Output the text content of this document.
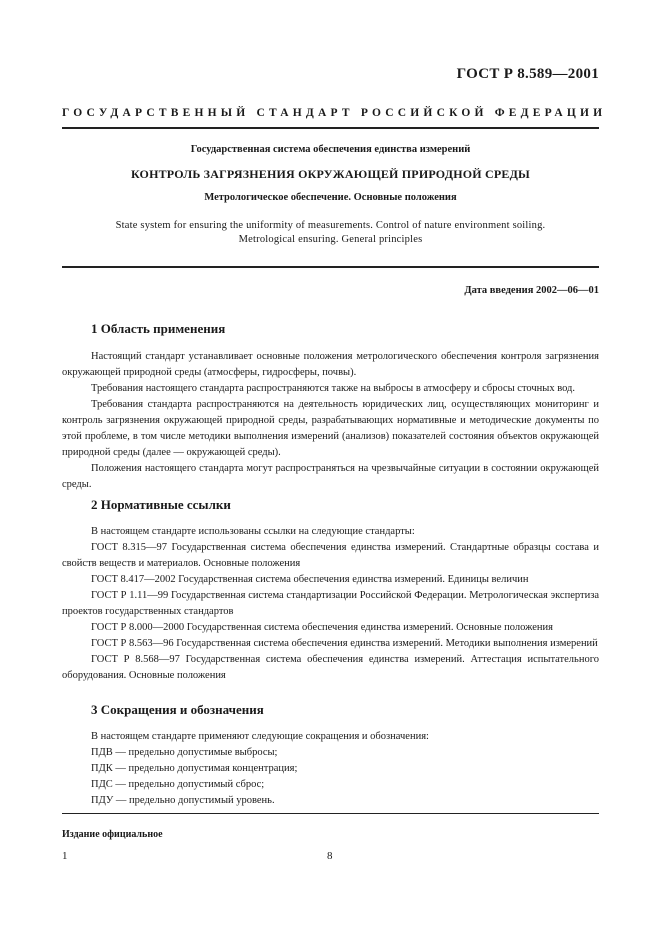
ГОСТ Р 8.589—2001
ГОСУДАРСТВЕННЫЙ СТАНДАРТ РОССИЙСКОЙ ФЕДЕРАЦИИ
Государственная система обеспечения единства измерений
КОНТРОЛЬ ЗАГРЯЗНЕНИЯ ОКРУЖАЮЩЕЙ ПРИРОДНОЙ СРЕДЫ
Метрологическое обеспечение. Основные положения
State system for ensuring the uniformity of measurements. Control of nature environment soiling.
Metrological ensuring. General principles
Дата введения 2002—06—01
1 Область применения

Настоящий стандарт устанавливает основные положения метрологического обеспечения контроля загрязнения окружающей природной среды (атмосферы, гидросферы, почвы).

Требования настоящего стандарта распространяются также на выбросы в атмосферу и сбросы сточных вод.

Требования стандарта распространяются на деятельность юридических лиц, осуществляющих мониторинг и контроль загрязнения окружающей природной среды, разрабатывающих нормативные и методические документы по этой проблеме, в том числе методики выполнения измерений (анализов) показателей состояния объектов окружающей природной среды (далее — окружающей среды).

Положения настоящего стандарта могут распространяться на чрезвычайные ситуации в состоянии окружающей среды.

2 Нормативные ссылки

В настоящем стандарте использованы ссылки на следующие стандарты:

ГОСТ 8.315—97 Государственная система обеспечения единства измерений. Стандартные образцы состава и свойств веществ и материалов. Основные положения

ГОСТ 8.417—2002 Государственная система обеспечения единства измерений. Единицы величин

ГОСТ Р 1.11—99 Государственная система стандартизации Российской Федерации. Метрологическая экспертиза проектов государственных стандартов

ГОСТ Р 8.000—2000 Государственная система обеспечения единства измерений. Основные положения

ГОСТ Р 8.563—96 Государственная система обеспечения единства измерений. Методики выполнения измерений

ГОСТ Р 8.568—97 Государственная система обеспечения единства измерений. Аттестация испытательного оборудования. Основные положения

3 Сокращения и обозначения

В настоящем стандарте применяют следующие сокращения и обозначения:

ПДВ — предельно допустимые выбросы;

ПДК — предельно допустимая концентрация;

ПДС — предельно допустимый сброс;

ПДУ — предельно допустимый уровень.

Издание официальное
1	8
